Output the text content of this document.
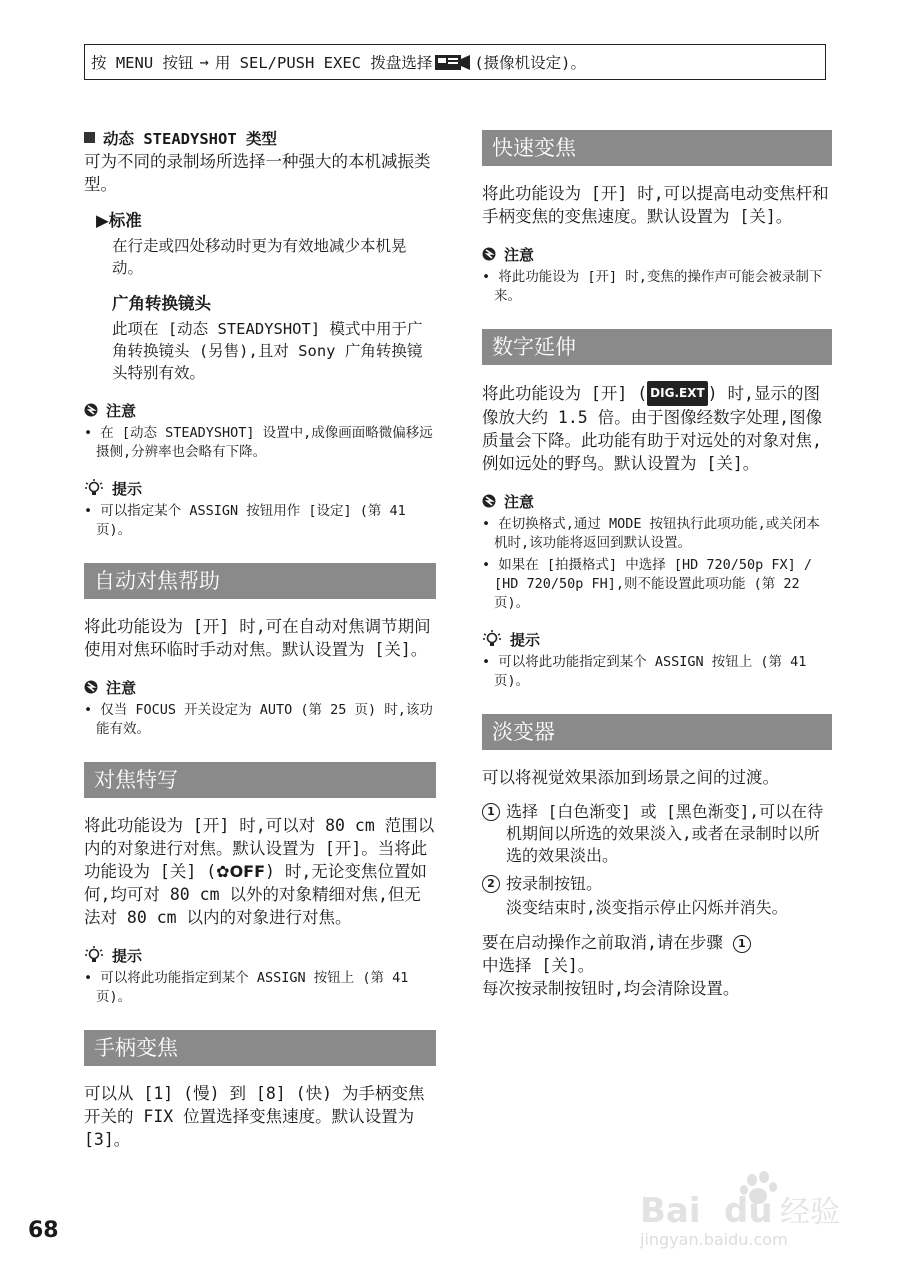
按 MENU 按钮 → 用 SEL/PUSH EXEC 拨盘选择	(摄像机设定)。
动态 STEADYSHOT 类型

可为不同的录制场所选择一种强大的本机减振类型。

▶标准

在行走或四处移动时更为有效地减少本机晃动。

广角转换镜头

此项在 [动态 STEADYSHOT] 模式中用于广角转换镜头 (另售),且对 Sony 广角转换镜头特别有效。

注意

• 在 [动态 STEADYSHOT] 设置中,成像画面略微偏移远摄侧,分辨率也会略有下降。

提示

• 可以指定某个 ASSIGN 按钮用作 [设定] (第 41 页)。

自动对焦帮助

将此功能设为 [开] 时,可在自动对焦调节期间使用对焦环临时手动对焦。默认设置为 [关]。

注意

• 仅当 FOCUS 开关设定为 AUTO (第 25 页) 时,该功能有效。

对焦特写

将此功能设为 [开] 时,可以对 80 cm 范围以内的对象进行对焦。默认设置为 [开]。当将此功能设为 [关] (✿OFF) 时,无论变焦位置如何,均可对 80 cm 以外的对象精细对焦,但无法对 80 cm 以内的对象进行对焦。

提示

• 可以将此功能指定到某个 ASSIGN 按钮上 (第 41 页)。

手柄变焦

可以从 [1] (慢) 到 [8] (快) 为手柄变焦开关的 FIX 位置选择变焦速度。默认设置为 [3]。

快速变焦

将此功能设为 [开] 时,可以提高电动变焦杆和手柄变焦的变焦速度。默认设置为 [关]。

注意

• 将此功能设为 [开] 时,变焦的操作声可能会被录制下来。

数字延伸

将此功能设为 [开] ( DIG.EXT ) 时,显示的图像放大约 1.5 倍。由于图像经数字处理,图像质量会下降。此功能有助于对远处的对象对焦,例如远处的野鸟。默认设置为 [关]。

注意

• 在切换格式,通过 MODE 按钮执行此项功能,或关闭本机时,该功能将返回到默认设置。

• 如果在 [拍摄格式] 中选择 [HD 720/50p FX] / [HD 720/50p FH],则不能设置此项功能 (第 22 页)。

提示

• 可以将此功能指定到某个 ASSIGN 按钮上 (第 41 页)。

淡变器

可以将视觉效果添加到场景之间的过渡。

1 选择 [白色渐变] 或 [黑色渐变],可以在待机期间以所选的效果淡入,或者在录制时以所选的效果淡出。

2 按录制按钮。

淡变结束时,淡变指示停止闪烁并消失。

要在启动操作之前取消,请在步骤 1
中选择 [关]。

每次按录制按钮时,均会清除设置。

68	Bai du 经验
jingyan.baidu.com
